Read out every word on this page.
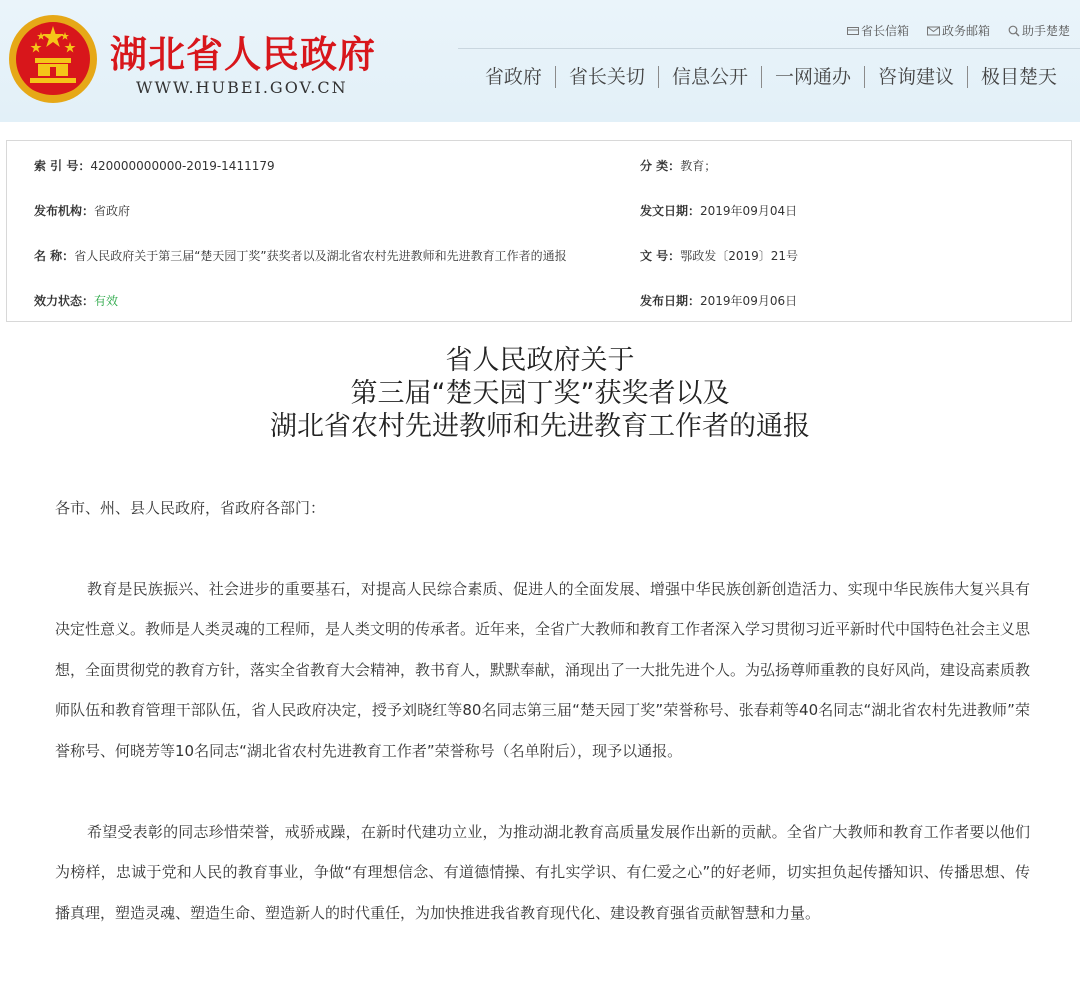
湖北省人民政府
WWW.HUBEI.GOV.CN
省长信箱	政务邮箱	助手楚楚
省政府	省长关切	信息公开	一网通办	咨询建议	极目楚天
索 引 号：420000000000-2019-1411179	分 类：教育；
发布机构：省政府	发文日期：2019年09月04日
名 称：省人民政府关于第三届“楚天园丁奖”获奖者以及湖北省农村先进教师和先进教育工作者的通报	文 号：鄂政发〔2019〕21号
效力状态：有效	发布日期：2019年09月06日
省人民政府关于
第三届“楚天园丁奖”获奖者以及
湖北省农村先进教师和先进教育工作者的通报

各市、州、县人民政府，省政府各部门：

教育是民族振兴、社会进步的重要基石，对提高人民综合素质、促进人的全面发展、增强中华民族创新创造活力、实现中华民族伟大复兴具有决定性意义。教师是人类灵魂的工程师，是人类文明的传承者。近年来，全省广大教师和教育工作者深入学习贯彻习近平新时代中国特色社会主义思想，全面贯彻党的教育方针，落实全省教育大会精神，教书育人，默默奉献，涌现出了一大批先进个人。为弘扬尊师重教的良好风尚，建设高素质教师队伍和教育管理干部队伍，省人民政府决定，授予刘晓红等80名同志第三届“楚天园丁奖”荣誉称号、张春莉等40名同志“湖北省农村先进教师”荣誉称号、何晓芳等10名同志“湖北省农村先进教育工作者”荣誉称号（名单附后），现予以通报。

希望受表彰的同志珍惜荣誉，戒骄戒躁，在新时代建功立业，为推动湖北教育高质量发展作出新的贡献。全省广大教师和教育工作者要以他们为榜样，忠诚于党和人民的教育事业，争做“有理想信念、有道德情操、有扎实学识、有仁爱之心”的好老师，切实担负起传播知识、传播思想、传播真理，塑造灵魂、塑造生命、塑造新人的时代重任，为加快推进我省教育现代化、建设教育强省贡献智慧和力量。
